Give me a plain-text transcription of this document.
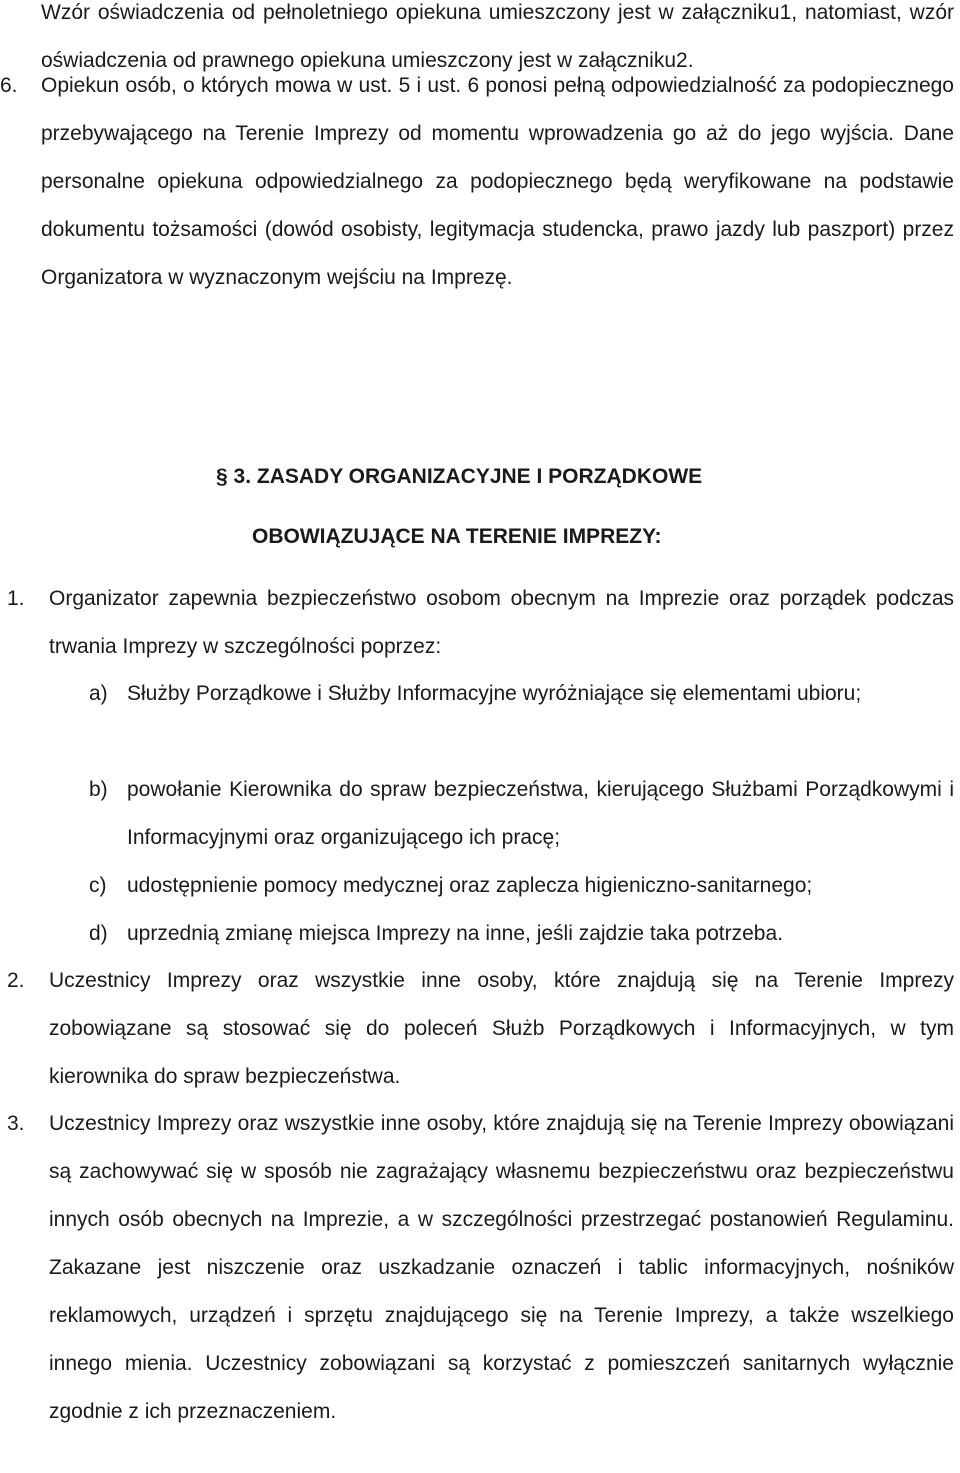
Wzór oświadczenia od pełnoletniego opiekuna umieszczony jest w załączniku1, natomiast, wzór oświadczenia od prawnego opiekuna umieszczony jest w załączniku2.
6.	Opiekun osób, o których mowa w ust. 5 i ust. 6 ponosi pełną odpowiedzialność za podopiecznego przebywającego na Terenie Imprezy od momentu wprowadzenia go aż do jego wyjścia. Dane personalne opiekuna odpowiedzialnego za podopiecznego będą weryfikowane na podstawie dokumentu tożsamości (dowód osobisty, legitymacja studencka, prawo jazdy lub paszport) przez Organizatora w wyznaczonym wejściu na Imprezę.
§ 3. ZASADY ORGANIZACYJNE I PORZĄDKOWE
OBOWIĄZUJĄCE NA TERENIE IMPREZY:
1.	Organizator zapewnia bezpieczeństwo osobom obecnym na Imprezie oraz porządek podczas trwania Imprezy w szczególności poprzez:
a) Służby Porządkowe i Służby Informacyjne wyróżniające się elementami ubioru;
b) powołanie Kierownika do spraw bezpieczeństwa, kierującego Służbami Porządkowymi i Informacyjnymi oraz organizującego ich pracę;
c) udostępnienie pomocy medycznej oraz zaplecza higieniczno-sanitarnego;
d) uprzednią zmianę miejsca Imprezy na inne, jeśli zajdzie taka potrzeba.
2.	Uczestnicy Imprezy oraz wszystkie inne osoby, które znajdują się na Terenie Imprezy zobowiązane są stosować się do poleceń Służb Porządkowych i Informacyjnych, w tym kierownika do spraw bezpieczeństwa.
3.	Uczestnicy Imprezy oraz wszystkie inne osoby, które znajdują się na Terenie Imprezy obowiązani są zachowywać się w sposób nie zagrażający własnemu bezpieczeństwu oraz bezpieczeństwu innych osób obecnych na Imprezie, a w szczególności przestrzegać postanowień Regulaminu. Zakazane jest niszczenie oraz uszkadzanie oznaczeń i tablic informacyjnych, nośników reklamowych, urządzeń i sprzętu znajdującego się na Terenie Imprezy, a także wszelkiego innego mienia. Uczestnicy zobowiązani są korzystać z pomieszczeń sanitarnych wyłącznie zgodnie z ich przeznaczeniem.
